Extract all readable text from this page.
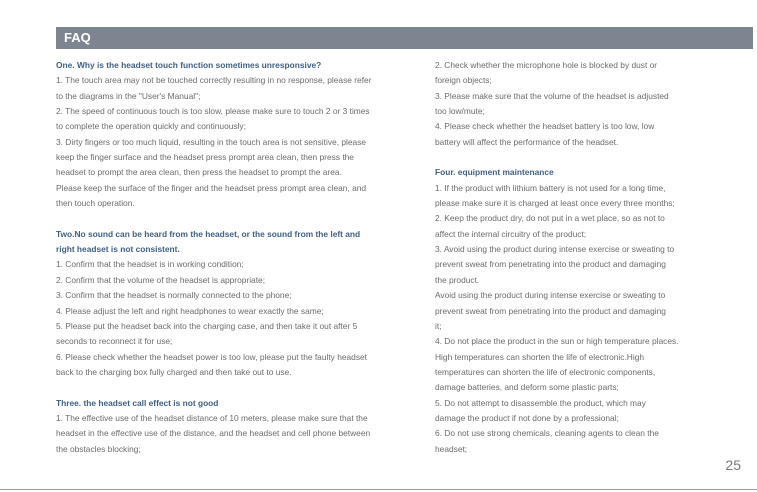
FAQ

One. Why is the headset touch function sometimes unresponsive?

1. The touch area may not be touched correctly resulting in no response, please refer

to the diagrams in the "User's Manual";

2. The speed of continuous touch is too slow, please make sure to touch 2 or 3 times

to complete the operation quickly and continuously;

3. Dirty fingers or too much liquid, resulting in the touch area is not sensitive, please

keep the finger surface and the headset press prompt area clean, then press the

headset to prompt the area clean, then press the headset to prompt the area.

Please keep the surface of the finger and the headset press prompt area clean, and

then touch operation.

Two.No sound can be heard from the headset, or the sound from the left and

right headset is not consistent.

1. Confirm that the headset is in working condition;

2. Confirm that the volume of the headset is appropriate;

3. Confirm that the headset is normally connected to the phone;

4. Please adjust the left and right headphones to wear exactly the same;

5. Please put the headset back into the charging case, and then take it out after 5

seconds to reconnect it for use;

6. Please check whether the headset power is too low, please put the faulty headset

back to the charging box fully charged and then take out to use.

Three. the headset call effect is not good

1. The effective use of the headset distance of 10 meters, please make sure that the

headset in the effective use of the distance, and the headset and cell phone between

the obstacles blocking;

2. Check whether the microphone hole is blocked by dust or

foreign objects;

3. Please make sure that the volume of the headset is adjusted

too low/mute;

4. Please check whether the headset battery is too low, low

battery will affect the performance of the headset.

Four. equipment maintenance

1. If the product with lithium battery is not used for a long time,

please make sure it is charged at least once every three months;

2. Keep the product dry, do not put in a wet place, so as not to

affect the internal circuitry of the product;

3. Avoid using the product during intense exercise or sweating to

prevent sweat from penetrating into the product and damaging

the product.

Avoid using the product during intense exercise or sweating to

prevent sweat from penetrating into the product and damaging

it;

4. Do not place the product in the sun or high temperature places.

High temperatures can shorten the life of electronic.High

temperatures can shorten the life of electronic components,

damage batteries, and deform some plastic parts;

5. Do not attempt to disassemble the product, which may

damage the product if not done by a professional;

6. Do not use strong chemicals, cleaning agents to clean the

headset;

25
